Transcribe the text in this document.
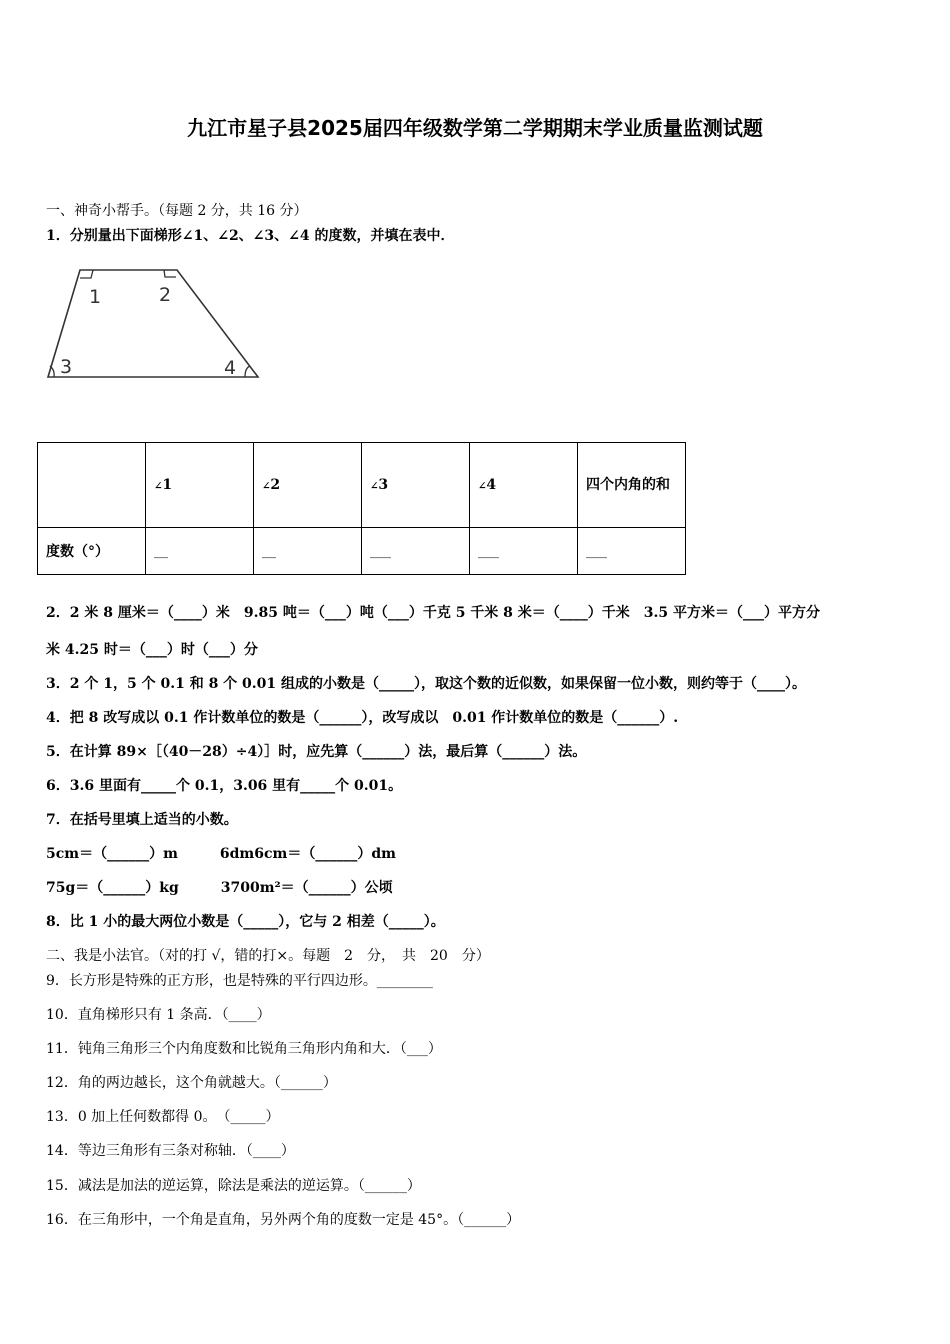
九江市星子县2025届四年级数学第二学期期末学业质量监测试题
一、神奇小帮手。（每题 2 分，共 16 分）
1．分别量出下面梯形∠1、∠2、∠3、∠4 的度数，并填在表中．
1	2
3	4
	∠1	∠2	∠3	∠4	四个内角的和

度数（°）	__	__	___	___	___
2．2 米 8 厘米＝（____）米　9.85 吨＝（___）吨（___）千克 5 千米 8 米＝（____）千米　3.5 平方米＝（___）平方分
米 4.25 时＝（___）时（___）分
3．2 个 1，5 个 0.1 和 8 个 0.01 组成的小数是（_____），取这个数的近似数，如果保留一位小数，则约等于（____）。
4．把 8 改写成以 0.1 作计数单位的数是（______），改写成以　0.01 作计数单位的数是（______）.
5．在计算 89×［（40－28）÷4）］时，应先算（______）法，最后算（______）法。
6．3.6 里面有_____个 0.1，3.06 里有_____个 0.01。
7．在括号里填上适当的小数。
5cm＝（______）m　　　6dm6cm＝（______）dm
75g＝（______）kg　　　3700m²＝（______）公顷
8．比 1 小的最大两位小数是（_____），它与 2 相差（_____）。
二、我是小法官。（对的打 √，错的打×。每题　2　分，　共　20　分）
9．长方形是特殊的正方形，也是特殊的平行四边形。________
10．直角梯形只有 1 条高．（____）
11．钝角三角形三个内角度数和比锐角三角形内角和大．（___）
12．角的两边越长，这个角就越大。（______）
13．0 加上任何数都得 0。　（_____）
14．等边三角形有三条对称轴．（____）
15．减法是加法的逆运算，除法是乘法的逆运算。（______）
16．在三角形中，一个角是直角，另外两个角的度数一定是 45°。（______）
